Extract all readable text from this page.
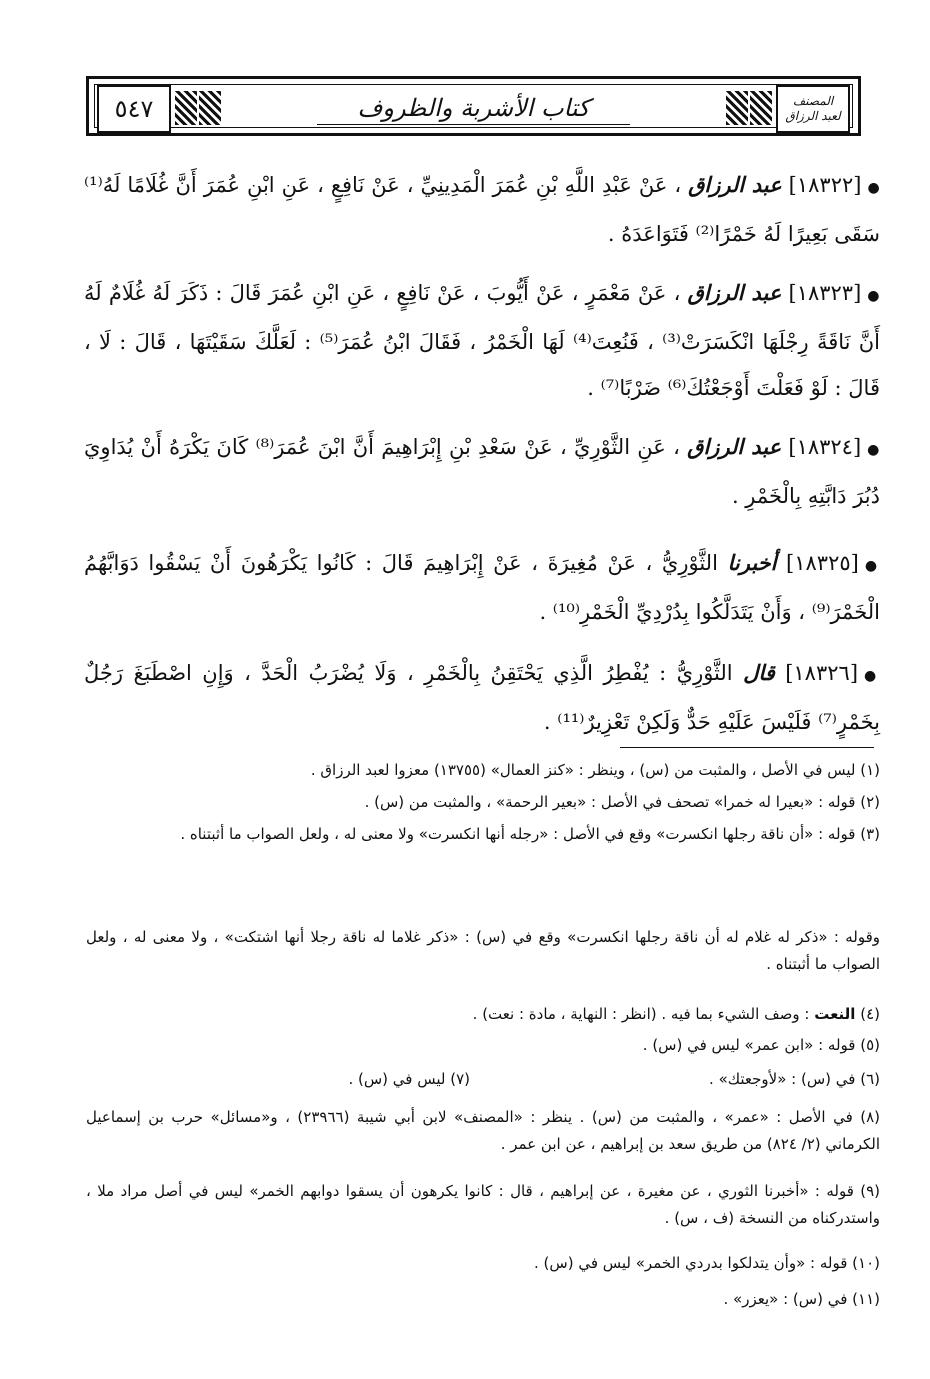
٥٤٧	كتاب الأشربة والظروف	المصنف
لعبد الرزاق
●[١٨٣٢٢] عبد الرزاق ، عَنْ عَبْدِ اللَّهِ بْنِ عُمَرَ الْمَدِينِيِّ ، عَنْ نَافِعٍ ، عَنِ ابْنِ عُمَرَ أَنَّ غُلَامًا لَهُ⁽¹⁾ سَقَى بَعِيرًا لَهُ خَمْرًا⁽²⁾ فَتَوَاعَدَهُ .
●[١٨٣٢٣] عبد الرزاق ، عَنْ مَعْمَرٍ ، عَنْ أَيُّوبَ ، عَنْ نَافِعٍ ، عَنِ ابْنِ عُمَرَ قَالَ : ذَكَرَ لَهُ غُلَامٌ لَهُ أَنَّ نَاقَةً رِجْلَهَا انْكَسَرَتْ⁽³⁾ ، فَنُعِتَ⁽⁴⁾ لَهَا الْخَمْرُ ، فَقَالَ ابْنُ عُمَرَ⁽⁵⁾ : لَعَلَّكَ سَقَيْتَهَا ، قَالَ : لَا ، قَالَ : لَوْ فَعَلْتَ أَوْجَعْتُكَ⁽⁶⁾ ضَرْبًا⁽⁷⁾ .
●[١٨٣٢٤] عبد الرزاق ، عَنِ الثَّوْرِيِّ ، عَنْ سَعْدِ بْنِ إِبْرَاهِيمَ أَنَّ ابْنَ عُمَرَ⁽⁸⁾ كَانَ يَكْرَهُ أَنْ يُدَاوِيَ دُبُرَ دَابَّتِهِ بِالْخَمْرِ .
●[١٨٣٢٥] أخبرنا الثَّوْرِيُّ ، عَنْ مُغِيرَةَ ، عَنْ إِبْرَاهِيمَ قَالَ : كَانُوا يَكْرَهُونَ أَنْ يَسْقُوا دَوَابَّهُمُ الْخَمْرَ⁽⁹⁾ ، وَأَنْ يَتَدَلَّكُوا بِدُرْدِيِّ الْخَمْرِ⁽¹⁰⁾ .
●[١٨٣٢٦] قال الثَّوْرِيُّ : يُفْطِرُ الَّذِي يَحْتَقِنُ بِالْخَمْرِ ، وَلَا يُضْرَبُ الْحَدَّ ، وَإِنِ اصْطَبَغَ رَجُلٌ بِخَمْرٍ⁽⁷⁾ فَلَيْسَ عَلَيْهِ حَدٌّ وَلَكِنْ تَعْزِيرٌ⁽¹¹⁾ .
(١) ليس في الأصل ، والمثبت من (س) ، وينظر : «كنز العمال» (١٣٧٥٥) معزوا لعبد الرزاق .
(٢) قوله : «بعيرا له خمرا» تصحف في الأصل : «بعير الرحمة» ، والمثبت من (س) .
(٣) قوله : «أن ناقة رجلها انكسرت» وقع في الأصل : «رجله أنها انكسرت» ولا معنى له ، ولعل الصواب ما أثبتناه .
وقوله : «ذكر له غلام له أن ناقة رجلها انكسرت» وقع في (س) : «ذكر غلاما له ناقة رجلا أنها اشتكت» ، ولا معنى له ، ولعل الصواب ما أثبتناه .
(٤) النعت : وصف الشيء بما فيه . (انظر : النهاية ، مادة : نعت) .
(٥) قوله : «ابن عمر» ليس في (س) .
(٦) في (س) : «لأوجعتك» .
(٧) ليس في (س) .
(٨) في الأصل : «عمر» ، والمثبت من (س) . ينظر : «المصنف» لابن أبي شيبة (٢٣٩٦٦) ، و«مسائل» حرب بن إسماعيل الكرماني (٢/ ٨٢٤) من طريق سعد بن إبراهيم ، عن ابن عمر .
(٩) قوله : «أخبرنا الثوري ، عن مغيرة ، عن إبراهيم ، قال : كانوا يكرهون أن يسقوا دوابهم الخمر» ليس في أصل مراد ملا ، واستدركناه من النسخة (ف ، س) .
(١٠) قوله : «وأن يتدلكوا بدردي الخمر» ليس في (س) .
(١١) في (س) : «يعزر» .
